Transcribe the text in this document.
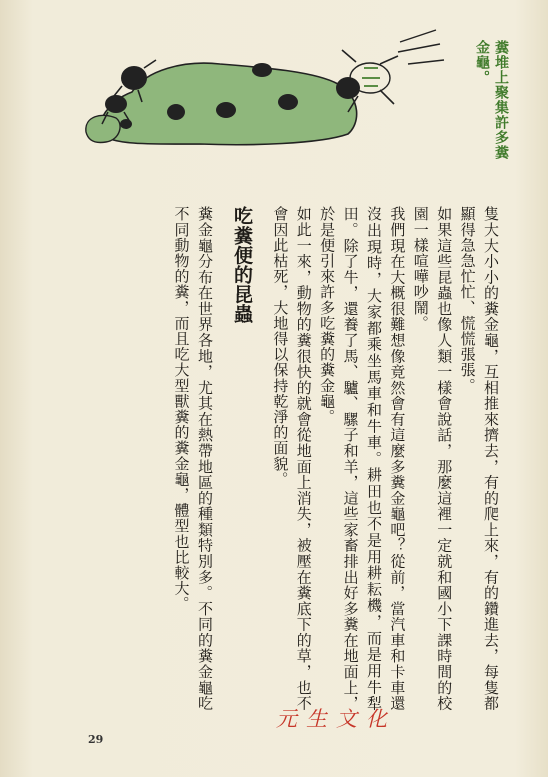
糞堆上聚集許多糞金龜。

隻大大小小的糞金龜，互相推來擠去，有的爬上來，有的鑽進去，每隻都顯得急急忙忙、慌慌張張。

如果這些昆蟲也像人類一樣會說話，那麼這裡一定就和國小下課時間的校園一樣喧嘩吵鬧。

我們現在大概很難想像竟然會有這麼多糞金龜吧？從前，當汽車和卡車還沒出現時，大家都乘坐馬車和牛車。耕田也不是用耕耘機，而是用牛犁田。除了牛，還養了馬、驢、騾子和羊，這些家畜排出好多糞在地面上，於是便引來許多吃糞的糞金龜。

如此一來，動物的糞很快的就會從地面上消失，被壓在糞底下的草，也不會因此枯死，大地得以保持乾淨的面貌。

吃糞便的昆蟲

糞金龜分布在世界各地，尤其在熱帶地區的種類特別多。不同的糞金龜吃不同動物的糞，而且吃大型獸糞的糞金龜，體型也比較大。

元生文化
29
